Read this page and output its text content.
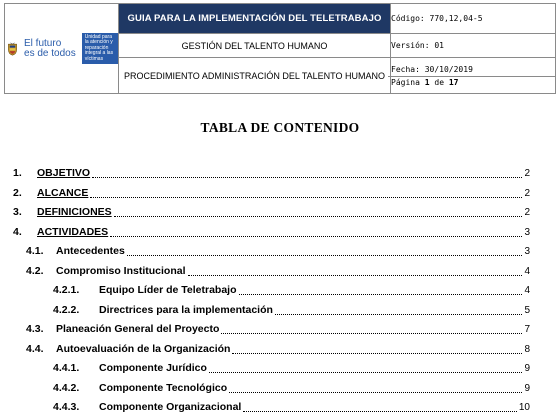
El futuro
es de todos
Unidad para la atención y reparación integral a las víctimas	GUIA PARA LA IMPLEMENTACIÓN DEL TELETRABAJO	Código: 770,12,04-5
	GESTIÓN DEL TALENTO HUMANO	Versión: 01
	PROCEDIMIENTO ADMINISTRACIÓN DEL TALENTO HUMANO	Fecha: 30/10/2019
Página 1 de 17
TABLA DE CONTENIDO
1.	OBJETIVO	2
2.	ALCANCE	2
3.	DEFINICIONES	2
4.	ACTIVIDADES	3
4.1.	Antecedentes	3
4.2.	Compromiso Institucional	4
4.2.1.	Equipo Líder de Teletrabajo	4
4.2.2.	Directrices para la implementación	5
4.3.	Planeación General del Proyecto	7
4.4.	Autoevaluación de la Organización	8
4.4.1.	Componente Jurídico	9
4.4.2.	Componente Tecnológico	9
4.4.3.	Componente Organizacional	10
